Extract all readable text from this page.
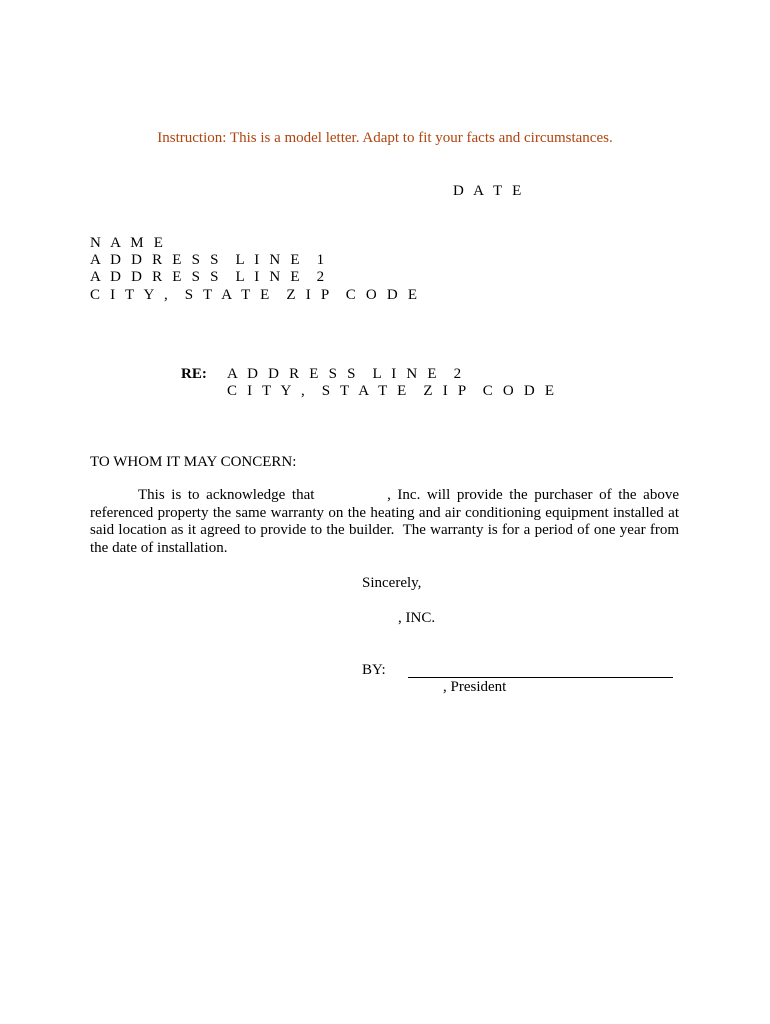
Instruction: This is a model letter. Adapt to fit your facts and circumstances.
D A T E
N A M E
A D D R E S S  L I N E  1
A D D R E S S  L I N E  2
C I T Y ,  S T A T E  Z I P  C O D E
RE: A D D R E S S  L I N E  2
C I T Y ,  S T A T E  Z I P  C O D E
TO WHOM IT MAY CONCERN:

This is to acknowledge that           , Inc. will provide the purchaser of the above referenced property the same warranty on the heating and air conditioning equipment installed at said location as it agreed to provide to the builder.  The warranty is for a period of one year from the date of installation.

Sincerely,
, INC.
BY:
, President
